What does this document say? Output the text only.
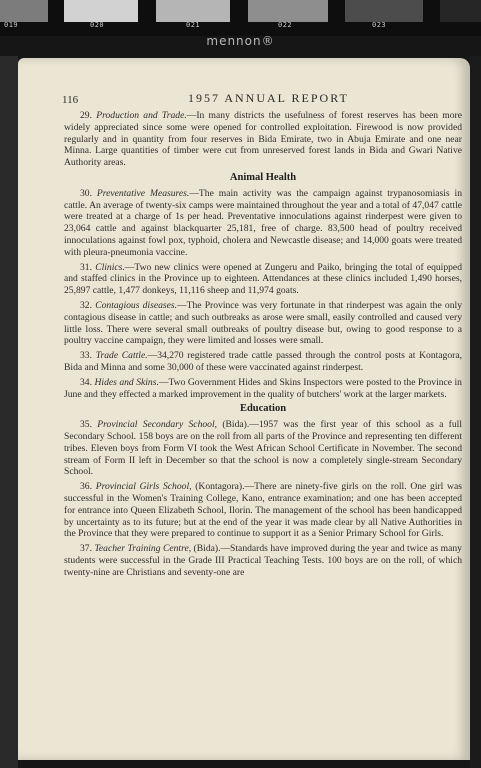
019	020	021	022	023
mennon®
116	1957 ANNUAL REPORT

29. Production and Trade.—In many districts the usefulness of forest reserves has been more widely appreciated since some were opened for controlled exploitation. Firewood is now provided regularly and in quantity from four reserves in Bida Emirate, two in Abuja Emirate and one near Minna. Large quantities of timber were cut from unreserved forest lands in Bida and Gwari Native Authority areas.

Animal Health

30. Preventative Measures.—The main activity was the campaign against trypanosomiasis in cattle. An average of twenty-six camps were maintained throughout the year and a total of 47,047 cattle were treated at a charge of 1s per head. Preventative innoculations against rinderpest were given to 23,064 cattle and against blackquarter 25,181, free of charge. 83,500 head of poultry received innoculations against fowl pox, typhoid, cholera and Newcastle disease; and 14,000 goats were treated with pleura-pneumonia vaccine.

31. Clinics.—Two new clinics were opened at Zungeru and Paiko, bringing the total of equipped and staffed clinics in the Province up to eighteen. Attendances at these clinics included 1,490 horses, 25,897 cattle, 1,477 donkeys, 11,116 sheep and 11,974 goats.

32. Contagious diseases.—The Province was very fortunate in that rinderpest was again the only contagious disease in cattle; and such outbreaks as arose were small, easily controlled and caused very little loss. There were several small outbreaks of poultry disease but, owing to good response to a poultry vaccine campaign, they were limited and losses were small.

33. Trade Cattle.—34,270 registered trade cattle passed through the control posts at Kontagora, Bida and Minna and some 30,000 of these were vaccinated against rinderpest.

34. Hides and Skins.—Two Government Hides and Skins Inspectors were posted to the Province in June and they effected a marked improvement in the quality of butchers' work at the larger markets.

Education

35. Provincial Secondary School, (Bida).—1957 was the first year of this school as a full Secondary School. 158 boys are on the roll from all parts of the Province and representing ten different tribes. Eleven boys from Form VI took the West African School Certificate in November. The second stream of Form II left in December so that the school is now a completely single-stream Secondary School.

36. Provincial Girls School, (Kontagora).—There are ninety-five girls on the roll. One girl was successful in the Women's Training College, Kano, entrance examination; and one has been accepted for entrance into Queen Elizabeth School, Ilorin. The management of the school has been handicapped by uncertainty as to its future; but at the end of the year it was made clear by all Native Authorities in the Province that they were prepared to continue to support it as a Senior Primary School for Girls.

37. Teacher Training Centre, (Bida).—Standards have improved during the year and twice as many students were successful in the Grade III Practical Teaching Tests. 100 boys are on the roll, of which twenty-nine are Christians and seventy-one are
